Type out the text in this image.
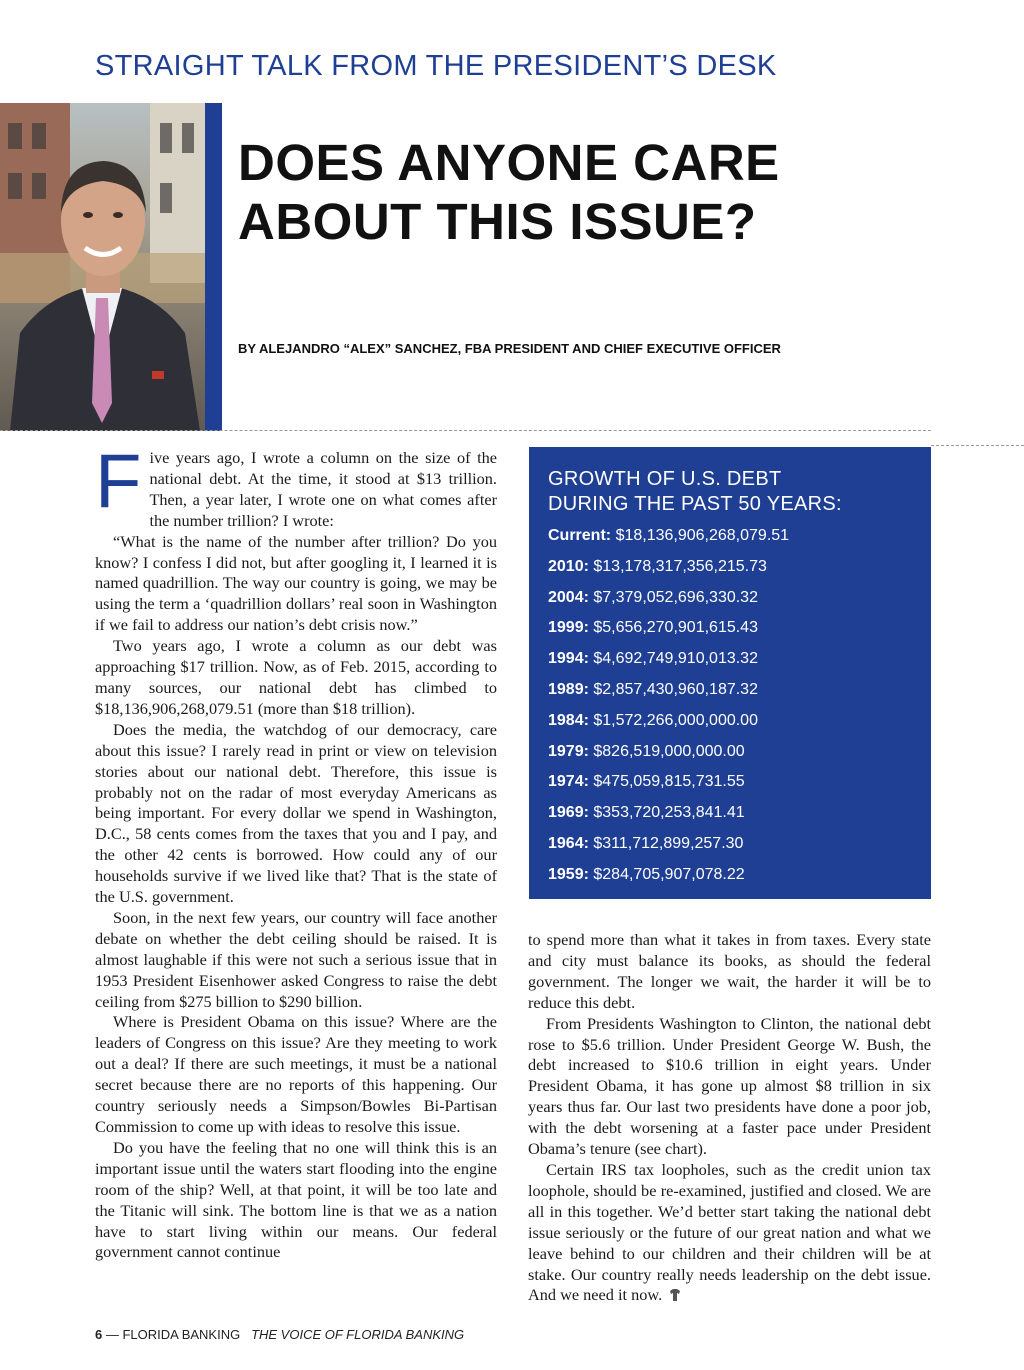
STRAIGHT TALK FROM THE PRESIDENT’S DESK
DOES ANYONE CARE
ABOUT THIS ISSUE?
BY ALEJANDRO “ALEX” SANCHEZ, FBA PRESIDENT AND CHIEF EXECUTIVE OFFICER

Five years ago, I wrote a column on the size of the national debt. At the time, it stood at $13 trillion. Then, a year later, I wrote one on what comes after the number trillion? I wrote:

“What is the name of the number after trillion? Do you know? I confess I did not, but after googling it, I learned it is named quadrillion. The way our country is going, we may be using the term a ‘quadrillion dollars’ real soon in Washington if we fail to address our nation’s debt crisis now.”

Two years ago, I wrote a column as our debt was approaching $17 trillion. Now, as of Feb. 2015, according to many sources, our national debt has climbed to $18,136,906,268,079.51 (more than $18 trillion).

Does the media, the watchdog of our democracy, care about this issue? I rarely read in print or view on television stories about our national debt. Therefore, this issue is probably not on the radar of most everyday Americans as being important. For every dollar we spend in Washington, D.C., 58 cents comes from the taxes that you and I pay, and the other 42 cents is borrowed. How could any of our households survive if we lived like that? That is the state of the U.S. government.

Soon, in the next few years, our country will face another debate on whether the debt ceiling should be raised. It is almost laughable if this were not such a serious issue that in 1953 President Eisenhower asked Congress to raise the debt ceiling from $275 billion to $290 billion.

Where is President Obama on this issue? Where are the leaders of Congress on this issue? Are they meeting to work out a deal? If there are such meetings, it must be a national secret because there are no reports of this happening. Our country seriously needs a Simpson/Bowles Bi-Partisan Commission to come up with ideas to resolve this issue.

Do you have the feeling that no one will think this is an important issue until the waters start flooding into the engine room of the ship? Well, at that point, it will be too late and the Titanic will sink. The bottom line is that we as a nation have to start living within our means. Our federal government cannot continue

GROWTH OF U.S. DEBT
DURING THE PAST 50 YEARS:
Current: $18,136,906,268,079.51
2010: $13,178,317,356,215.73
2004: $7,379,052,696,330.32
1999: $5,656,270,901,615.43
1994: $4,692,749,910,013.32
1989: $2,857,430,960,187.32
1984: $1,572,266,000,000.00
1979: $826,519,000,000.00
1974: $475,059,815,731.55
1969: $353,720,253,841.41
1964: $311,712,899,257.30
1959: $284,705,907,078.22

to spend more than what it takes in from taxes. Every state and city must balance its books, as should the federal government. The longer we wait, the harder it will be to reduce this debt.

From Presidents Washington to Clinton, the national debt rose to $5.6 trillion. Under President George W. Bush, the debt increased to $10.6 trillion in eight years. Under President Obama, it has gone up almost $8 trillion in six years thus far. Our last two presidents have done a poor job, with the debt worsening at a faster pace under President Obama’s tenure (see chart).

Certain IRS tax loopholes, such as the credit union tax loophole, should be re-examined, justified and closed. We are all in this together. We’d better start taking the national debt issue seriously or the future of our great nation and what we leave behind to our children and their children will be at stake. Our country really needs leadership on the debt issue. And we need it now.

6 — FLORIDA BANKING THE VOICE OF FLORIDA BANKING
